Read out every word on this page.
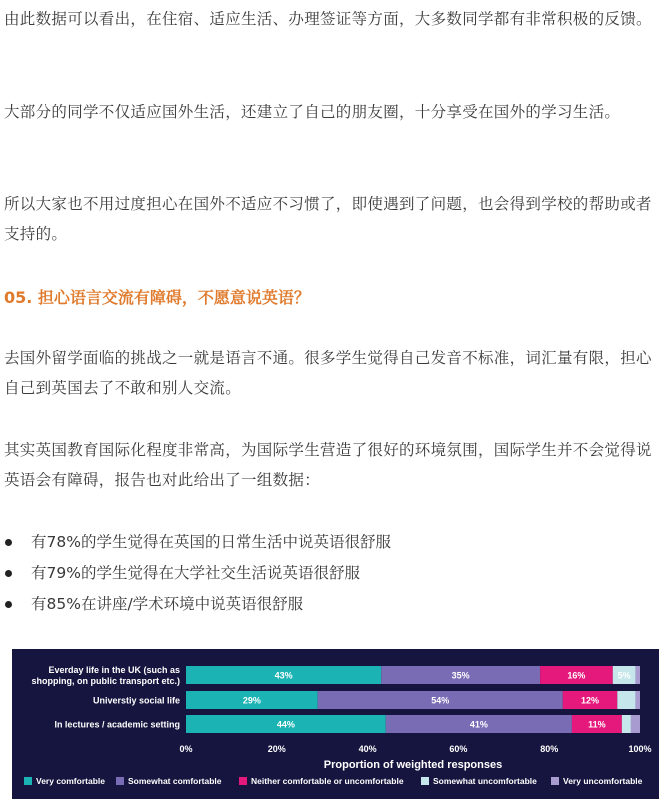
由此数据可以看出，在住宿、适应生活、办理签证等方面，大多数同学都有非常积极的反馈。

大部分的同学不仅适应国外生活，还建立了自己的朋友圈，十分享受在国外的学习生活。

所以大家也不用过度担心在国外不适应不习惯了，即使遇到了问题，也会得到学校的帮助或者支持的。

05. 担心语言交流有障碍，不愿意说英语？

去国外留学面临的挑战之一就是语言不通。很多学生觉得自己发音不标准，词汇量有限，担心自己到英国去了不敢和别人交流。

其实英国教育国际化程度非常高，为国际学生营造了很好的环境氛围，国际学生并不会觉得说英语会有障碍，报告也对此给出了一组数据：

有78%的学生觉得在英国的日常生活中说英语很舒服
有79%的学生觉得在大学社交生活说英语很舒服
有85%在讲座/学术环境中说英语很舒服
Everday life in the UK (such as
shopping, on public transport etc.)
Universtiy social life
In lectures / academic setting
43%	35%	16%	5%
29%	54%	12%
44%	41%	11%
0%	20%	40%	60%	80%	100%
Proportion of weighted responses
Very comfortable	Somewhat comfortable	Neither comfortable or uncomfortable	Somewhat uncomfortable	Very uncomfortable
